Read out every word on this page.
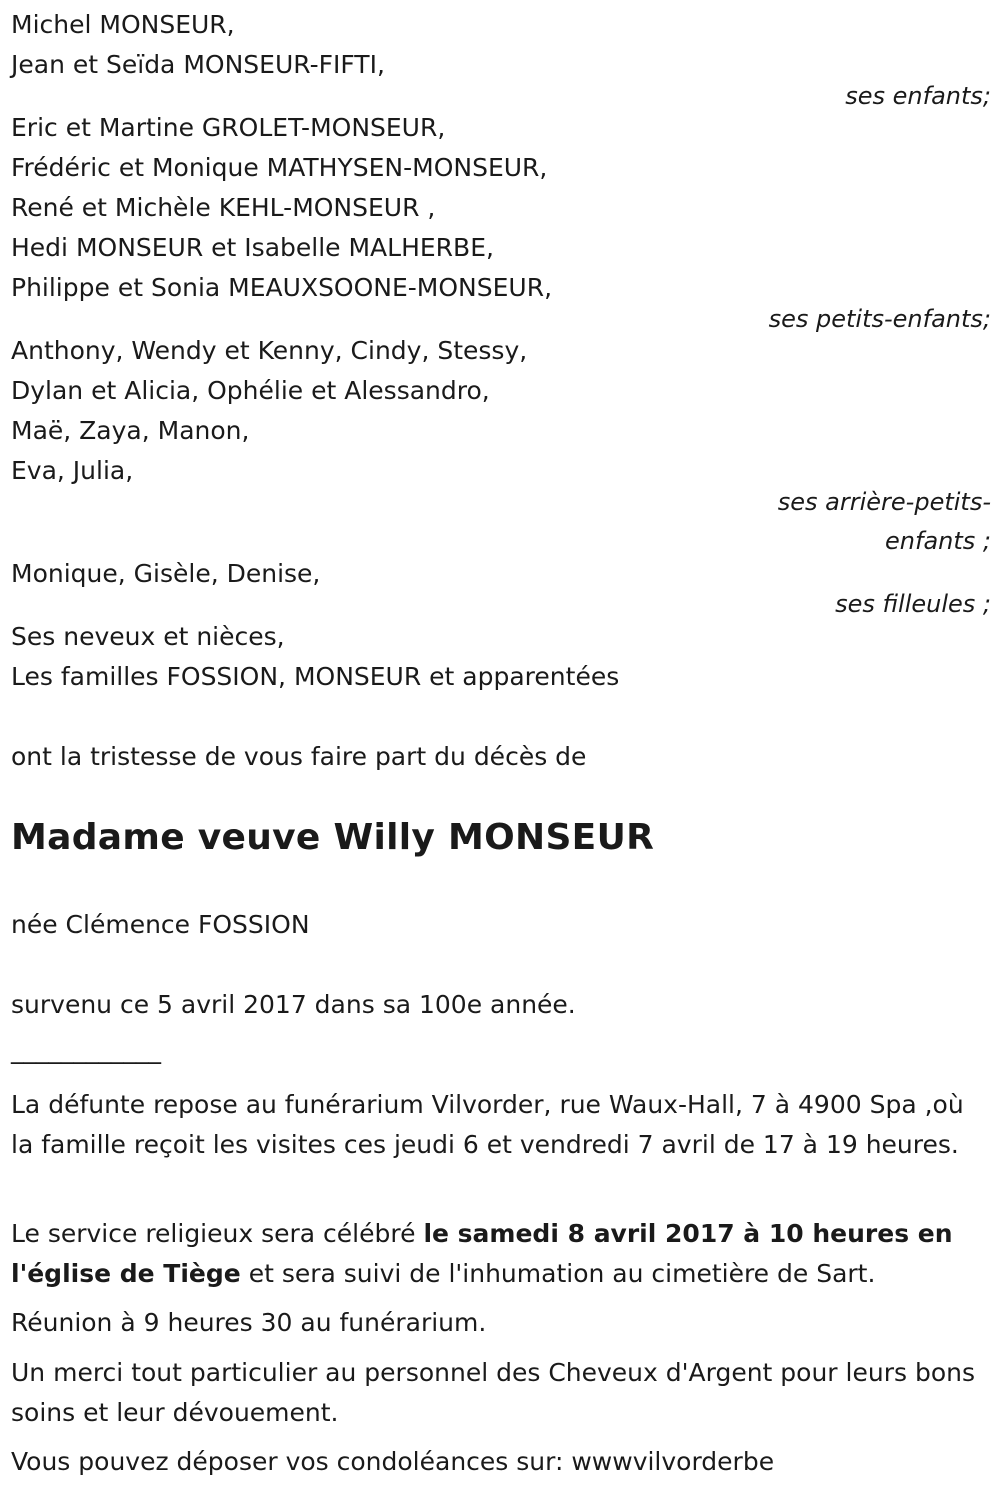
Michel MONSEUR,
Jean et Seïda MONSEUR-FIFTI,
ses enfants;
Eric et Martine GROLET-MONSEUR,
Frédéric et Monique MATHYSEN-MONSEUR,
René et Michèle KEHL-MONSEUR ,
Hedi MONSEUR et Isabelle MALHERBE,
Philippe et Sonia MEAUXSOONE-MONSEUR,
ses petits-enfants;
Anthony, Wendy et Kenny, Cindy, Stessy,
Dylan et Alicia, Ophélie et Alessandro,
Maë, Zaya, Manon,
Eva, Julia,
ses arrière-petits-
enfants ;
Monique, Gisèle, Denise,
ses filleules ;
Ses neveux et nièces,
Les familles FOSSION, MONSEUR et apparentées
ont la tristesse de vous faire part du décès de
Madame veuve Willy MONSEUR
née Clémence FOSSION
survenu ce 5 avril 2017 dans sa 100e année.
____________
La défunte repose au funérarium Vilvorder, rue Waux-Hall, 7 à 4900 Spa ,où la famille reçoit les visites ces jeudi 6 et vendredi 7 avril de 17 à 19 heures.
Le service religieux sera célébré le samedi 8 avril 2017 à 10 heures en l'église de Tiège et sera suivi de l'inhumation au cimetière de Sart.
Réunion à 9 heures 30 au funérarium.
Un merci tout particulier au personnel des Cheveux d'Argent pour leurs bons soins et leur dévouement.
Vous pouvez déposer vos condoléances sur: wwwvilvorderbe
